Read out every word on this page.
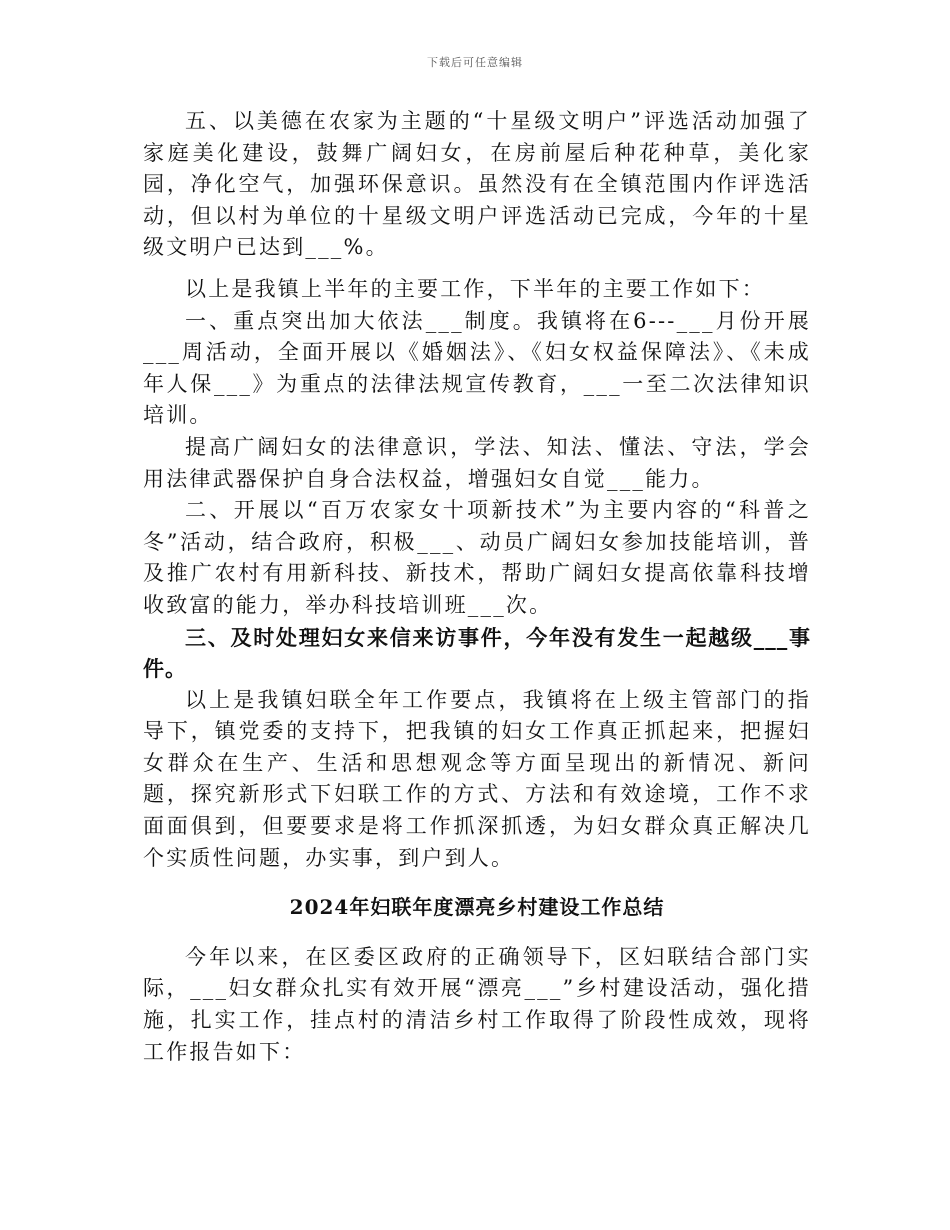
下载后可任意编辑

五、以美德在农家为主题的“十星级文明户”评选活动加强了家庭美化建设，鼓舞广阔妇女，在房前屋后种花种草，美化家园，净化空气，加强环保意识。虽然没有在全镇范围内作评选活动，但以村为单位的十星级文明户评选活动已完成，今年的十星级文明户已达到___%。

以上是我镇上半年的主要工作，下半年的主要工作如下：

一、重点突出加大依法___制度。我镇将在6---___月份开展___周活动，全面开展以《婚姻法》、《妇女权益保障法》、《未成年人保___》为重点的法律法规宣传教育，___一至二次法律知识培训。

提高广阔妇女的法律意识，学法、知法、懂法、守法，学会用法律武器保护自身合法权益，增强妇女自觉___能力。

二、开展以“百万农家女十项新技术”为主要内容的“科普之冬”活动，结合政府，积极___、动员广阔妇女参加技能培训，普及推广农村有用新科技、新技术，帮助广阔妇女提高依靠科技增收致富的能力，举办科技培训班___次。

三、及时处理妇女来信来访事件，今年没有发生一起越级___事件。

以上是我镇妇联全年工作要点，我镇将在上级主管部门的指导下，镇党委的支持下，把我镇的妇女工作真正抓起来，把握妇女群众在生产、生活和思想观念等方面呈现出的新情况、新问题，探究新形式下妇联工作的方式、方法和有效途境，工作不求面面俱到，但要要求是将工作抓深抓透，为妇女群众真正解决几个实质性问题，办实事，到户到人。

2024年妇联年度漂亮乡村建设工作总结

今年以来，在区委区政府的正确领导下，区妇联结合部门实际，___妇女群众扎实有效开展“漂亮___”乡村建设活动，强化措施，扎实工作，挂点村的清洁乡村工作取得了阶段性成效，现将工作报告如下：
